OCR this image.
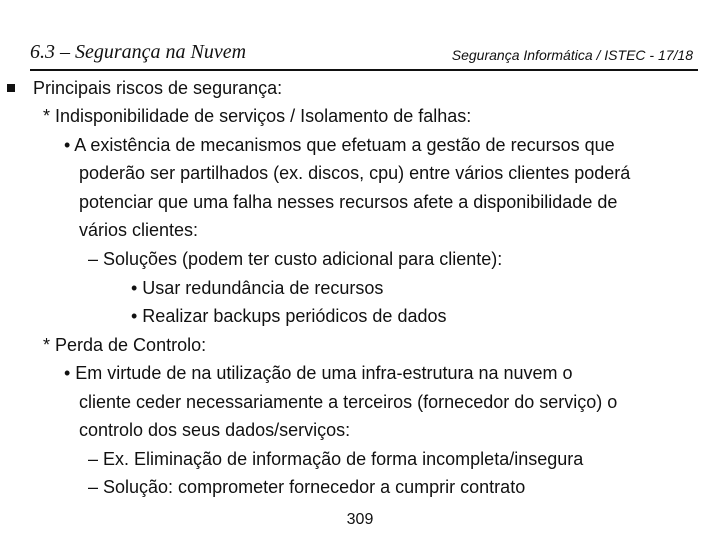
6.3 – Segurança na Nuvem	Segurança Informática / ISTEC - 17/18
Principais riscos de segurança:
* Indisponibilidade de serviços / Isolamento de falhas:
• A existência de mecanismos que efetuam a gestão de recursos que
poderão ser partilhados (ex. discos, cpu) entre vários clientes poderá
potenciar que uma falha nesses recursos afete a disponibilidade de
vários clientes:
– Soluções (podem ter custo adicional para cliente):
• Usar redundância de recursos
• Realizar backups periódicos de dados
* Perda de Controlo:
• Em virtude de na utilização de uma infra-estrutura na nuvem o
cliente ceder necessariamente a terceiros (fornecedor do serviço) o
controlo dos seus dados/serviços:
– Ex. Eliminação de informação de forma incompleta/insegura
– Solução: comprometer fornecedor a cumprir contrato
309
